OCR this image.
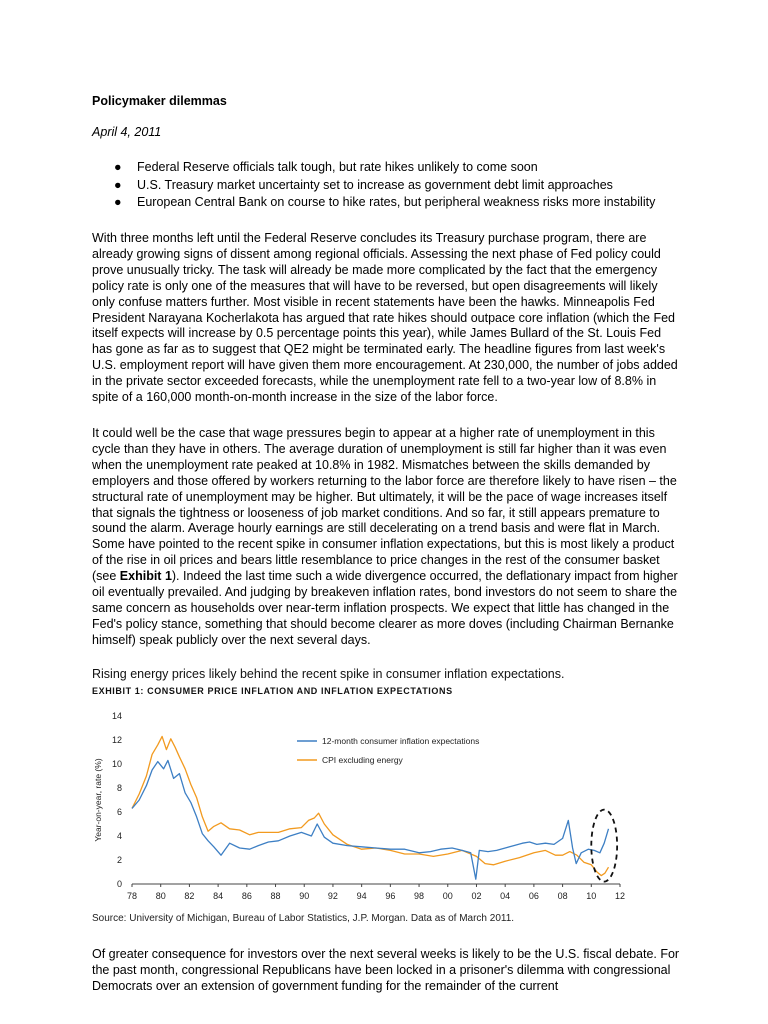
Policymaker dilemmas
April 4, 2011
● Federal Reserve officials talk tough, but rate hikes unlikely to come soon
● U.S. Treasury market uncertainty set to increase as government debt limit approaches
● European Central Bank on course to hike rates, but peripheral weakness risks more instability

With three months left until the Federal Reserve concludes its Treasury purchase program, there are already growing signs of dissent among regional officials. Assessing the next phase of Fed policy could prove unusually tricky. The task will already be made more complicated by the fact that the emergency policy rate is only one of the measures that will have to be reversed, but open disagreements will likely only confuse matters further. Most visible in recent statements have been the hawks. Minneapolis Fed President Narayana Kocherlakota has argued that rate hikes should outpace core inflation (which the Fed itself expects will increase by 0.5 percentage points this year), while James Bullard of the St. Louis Fed has gone as far as to suggest that QE2 might be terminated early. The headline figures from last week's U.S. employment report will have given them more encouragement. At 230,000, the number of jobs added in the private sector exceeded forecasts, while the unemployment rate fell to a two-year low of 8.8% in spite of a 160,000 month-on-month increase in the size of the labor force.

It could well be the case that wage pressures begin to appear at a higher rate of unemployment in this cycle than they have in others. The average duration of unemployment is still far higher than it was even when the unemployment rate peaked at 10.8% in 1982. Mismatches between the skills demanded by employers and those offered by workers returning to the labor force are therefore likely to have risen – the structural rate of unemployment may be higher. But ultimately, it will be the pace of wage increases itself that signals the tightness or looseness of job market conditions. And so far, it still appears premature to sound the alarm. Average hourly earnings are still decelerating on a trend basis and were flat in March. Some have pointed to the recent spike in consumer inflation expectations, but this is most likely a product of the rise in oil prices and bears little resemblance to price changes in the rest of the consumer basket (see Exhibit 1). Indeed the last time such a wide divergence occurred, the deflationary impact from higher oil eventually prevailed. And judging by breakeven inflation rates, bond investors do not seem to share the same concern as households over near-term inflation prospects. We expect that little has changed in the Fed's policy stance, something that should become clearer as more doves (including Chairman Bernanke himself) speak publicly over the next several days.

Rising energy prices likely behind the recent spike in consumer inflation expectations.
EXHIBIT 1: CONSUMER PRICE INFLATION AND INFLATION EXPECTATIONS
78 80 82 84 86 88 90 92 94 96 98 00 02 04 06 08 10 12
0
2
4
6
8
10
12
14
Year-on-year, rate (%)
12-month consumer inflation expectations
CPI excluding energy
Source: University of Michigan, Bureau of Labor Statistics, J.P. Morgan. Data as of March 2011.

Of greater consequence for investors over the next several weeks is likely to be the U.S. fiscal debate. For the past month, congressional Republicans have been locked in a prisoner's dilemma with congressional Democrats over an extension of government funding for the remainder of the current
